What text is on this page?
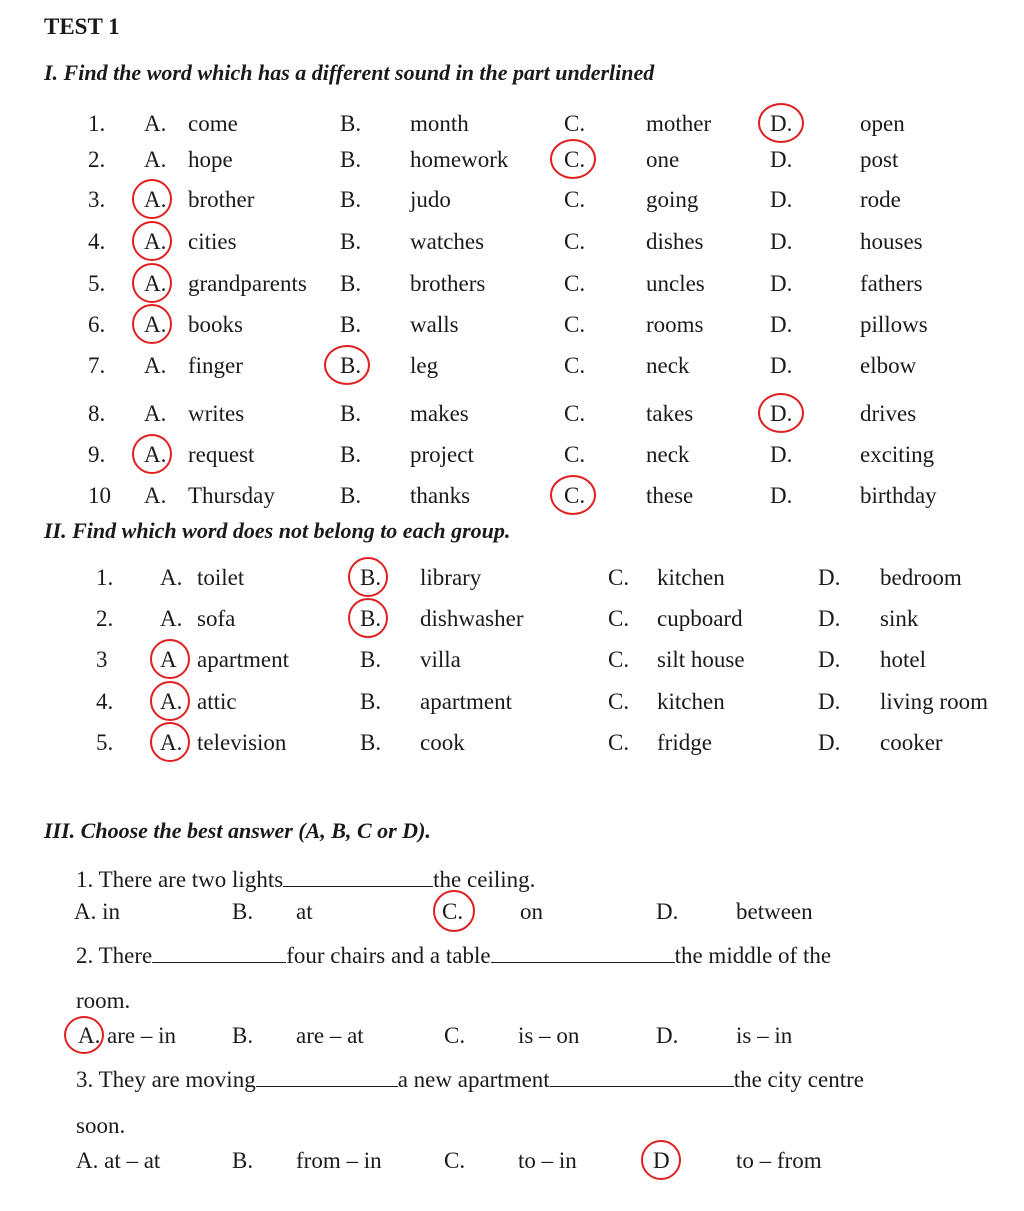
TEST 1
I. Find the word which has a different sound in the part underlined
1. A. come	B. month	C.	mother	D.	open
2. A. hope	B. homework C.	one	D.	post
3. A. brother	B. judo	C.	going	D.	rode
4. A. cities	B. watches	C.	dishes	D.	houses
5. A. grandparents B. brothers	C.	uncles	D.	fathers
6. A. books	B. walls	C.	rooms	D.	pillows
7. A. finger	B. leg	C.	neck	D.	elbow
8. A. writes	B. makes	C.	takes	D.	drives
9. A. request	B. project	C.	neck	D.	exciting
10 A. Thursday	B. thanks	C.	these	D.	birthday
II. Find which word does not belong to each group.
1. A. toilet	B. library	C. kitchen	D. bedroom
2. A. sofa	B. dishwasher	C. cupboard	D. sink
3 A apartment	B. villa	C. silt house	D. hotel
4. A. attic	B. apartment	C. kitchen	D. living room
5. A. television	B. cook	C. fridge	D. cooker
III. Choose the best answer (A, B, C or D).
1. There are two lights	the ceiling.
A. in	B. at	C. on	D.	between
2. There	four chairs and a table	the middle of the
room.
A. are – in B. are – at	C. is – on	D.	is – in
3. They are moving	a new apartment	the city centre
soon.
A. at – at	B. from – in	C. to – in	D	to – from
